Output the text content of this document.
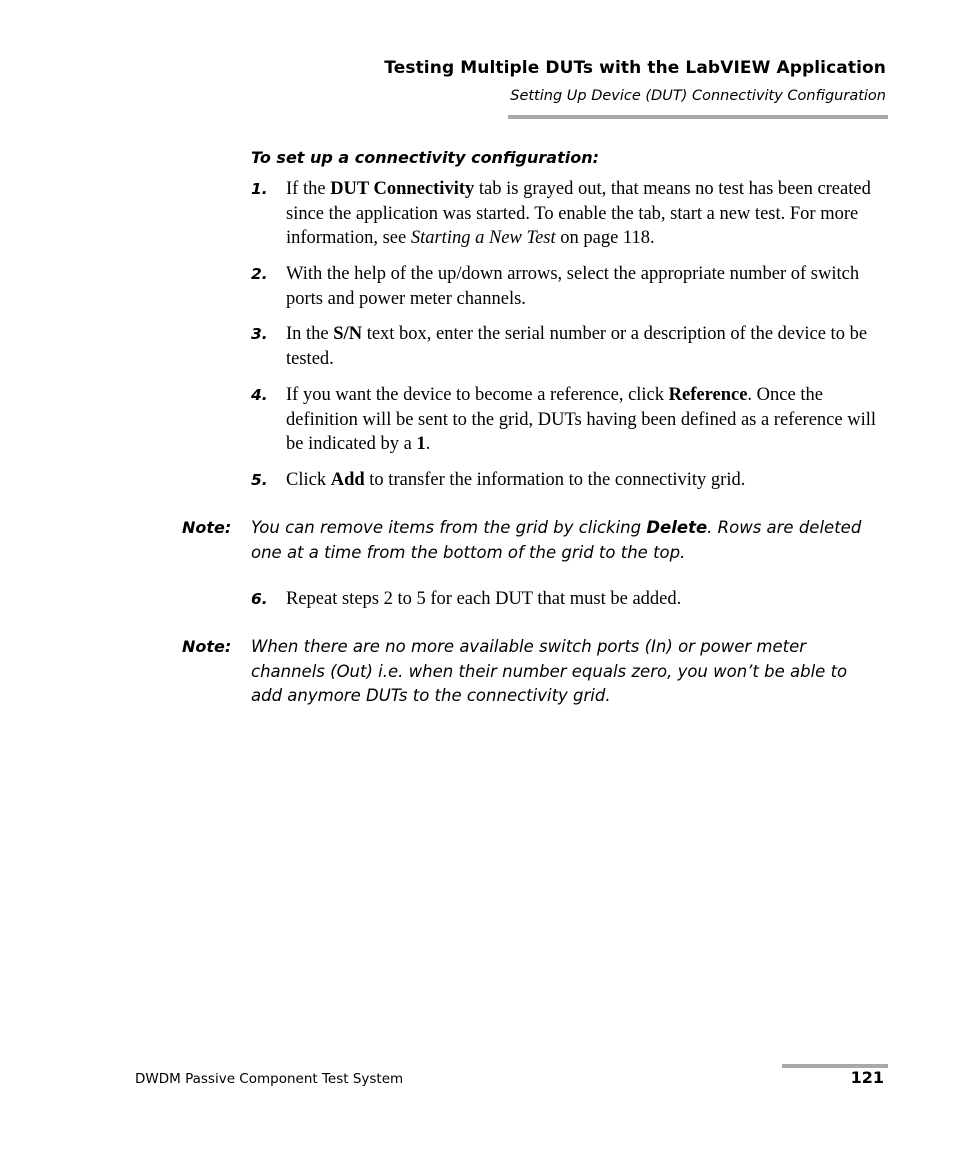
Testing Multiple DUTs with the LabVIEW Application
Setting Up Device (DUT) Connectivity Configuration
To set up a connectivity configuration:
1. If the DUT Connectivity tab is grayed out, that means no test has been created since the application was started. To enable the tab, start a new test. For more information, see Starting a New Test on page 118.
2. With the help of the up/down arrows, select the appropriate number of switch ports and power meter channels.
3. In the S/N text box, enter the serial number or a description of the device to be tested.
4. If you want the device to become a reference, click Reference. Once the definition will be sent to the grid, DUTs having been defined as a reference will be indicated by a 1.
5. Click Add to transfer the information to the connectivity grid.
Note: You can remove items from the grid by clicking Delete. Rows are deleted one at a time from the bottom of the grid to the top.
6. Repeat steps 2 to 5 for each DUT that must be added.
Note: When there are no more available switch ports (In) or power meter channels (Out) i.e. when their number equals zero, you won’t be able to add anymore DUTs to the connectivity grid.
DWDM Passive Component Test System	121
